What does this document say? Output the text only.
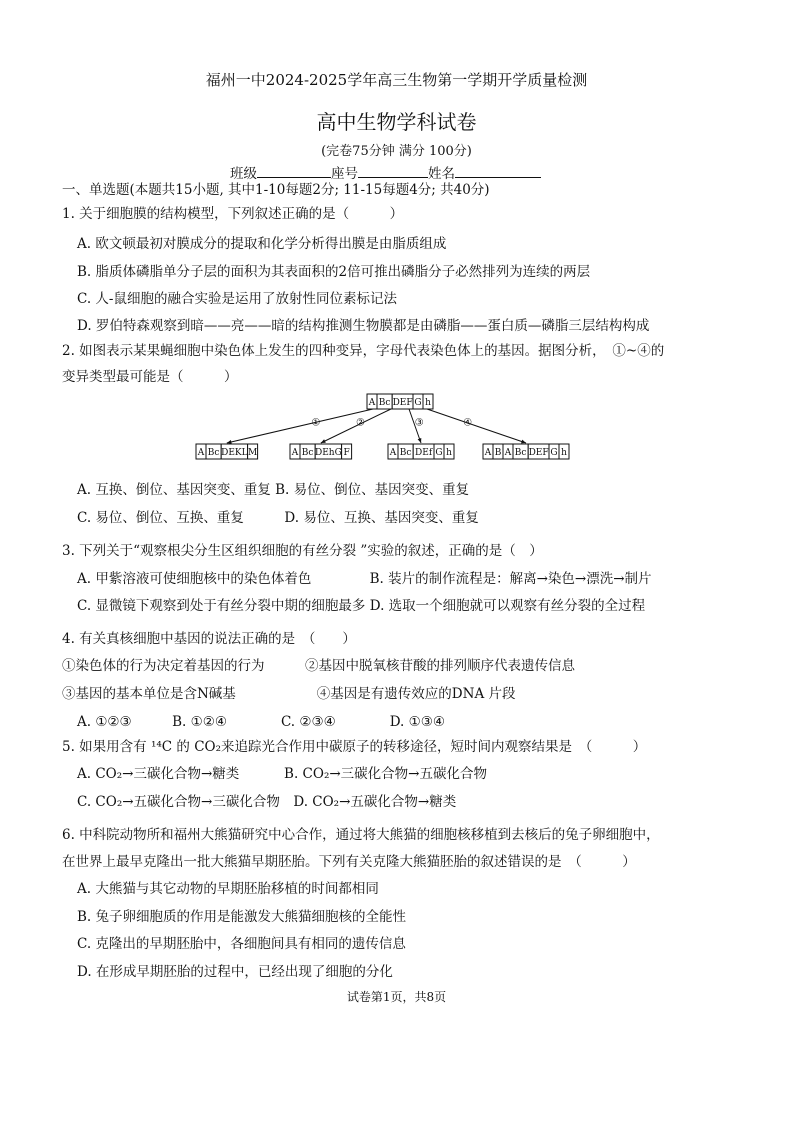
福州一中2024-2025学年高三生物第一学期开学质量检测
高中生物学科试卷
(完卷75分钟 满分 100分)
班级	座号	姓名
一、单选题(本题共15小题, 其中1-10每题2分; 11-15每题4分; 共40分)
1. 关于细胞膜的结构模型，下列叙述正确的是（　　　）
A. 欧文顿最初对膜成分的提取和化学分析得出膜是由脂质组成
B. 脂质体磷脂单分子层的面积为其表面积的2倍可推出磷脂分子必然排列为连续的两层
C. 人-鼠细胞的融合实验是运用了放射性同位素标记法
D. 罗伯特森观察到暗——亮——暗的结构推测生物膜都是由磷脂——蛋白质—磷脂三层结构构成
2. 如图表示某果蝇细胞中染色体上发生的四种变异，字母代表染色体上的基因。据图分析，　①~④的
变异类型最可能是（　　　）
A Bc DEF G h
①	②	③	④
A Bc DEKL M	A Bc DEhG F	A Bc DEf G h	A B A Bc DEF G h
A. 互换、倒位、基因突变、重复 B. 易位、倒位、基因突变、重复
C. 易位、倒位、互换、重复　　　D. 易位、互换、基因突变、重复
3. 下列关于“观察根尖分生区组织细胞的有丝分裂 ”实验的叙述，正确的是（　）
A. 甲紫溶液可使细胞核中的染色体着色　　　　 B. 装片的制作流程是：解离→染色→漂洗→制片
C. 显微镜下观察到处于有丝分裂中期的细胞最多 D. 选取一个细胞就可以观察有丝分裂的全过程
4. 有关真核细胞中基因的说法正确的是　（　　）
①染色体的行为决定着基因的行为　　　②基因中脱氧核苷酸的排列顺序代表遗传信息
③基因的基本单位是含N碱基　　　　　　④基因是有遗传效应的DNA 片段
A. ①②③　　　B. ①②④　　　　C. ②③④　　　　D. ①③④
5. 如果用含有 ¹⁴C 的 CO₂来追踪光合作用中碳原子的转移途径，短时间内观察结果是　（　　　）
A. CO₂→三碳化合物→糖类　　　 B. CO₂→三碳化合物→五碳化合物
C. CO₂→五碳化合物→三碳化合物　D. CO₂→五碳化合物→糖类
6. 中科院动物所和福州大熊猫研究中心合作，通过将大熊猫的细胞核移植到去核后的兔子卵细胞中，
在世界上最早克隆出一批大熊猫早期胚胎。下列有关克隆大熊猫胚胎的叙述错误的是　（　　　）
A. 大熊猫与其它动物的早期胚胎移植的时间都相同
B. 兔子卵细胞质的作用是能激发大熊猫细胞核的全能性
C. 克隆出的早期胚胎中，各细胞间具有相同的遗传信息
D. 在形成早期胚胎的过程中，已经出现了细胞的分化
试卷第1页，共8页
